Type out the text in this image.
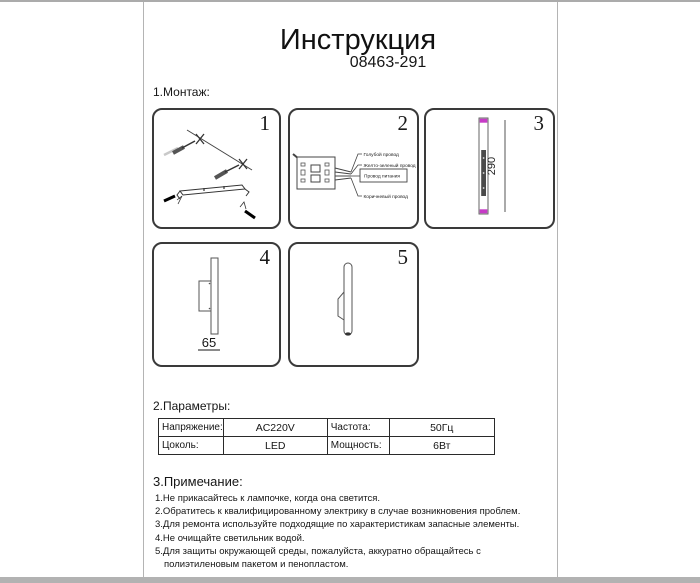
Инструкция
08463-291
1.Монтаж:
1	2
Голубой провод
Желто-зеленый провод
Провод питания
Коричневый провод
3
290
4
65
5
2.Параметры:
Напряжение:	AC220V	Частота:	50Гц
Цоколь:	LED	Мощность:	6Вт
3.Примечание:
1.Не прикасайтесь к лампочке, когда она светится.
2.Обратитесь к квалифицированному электрику в случае возникновения проблем.
3.Для ремонта используйте подходящие по характеристикам запасные элементы.
4.Не очищайте светильник водой.
5.Для защиты окружающей среды, пожалуйста, аккуратно обращайтесь с
полиэтиленовым пакетом и пенопластом.
